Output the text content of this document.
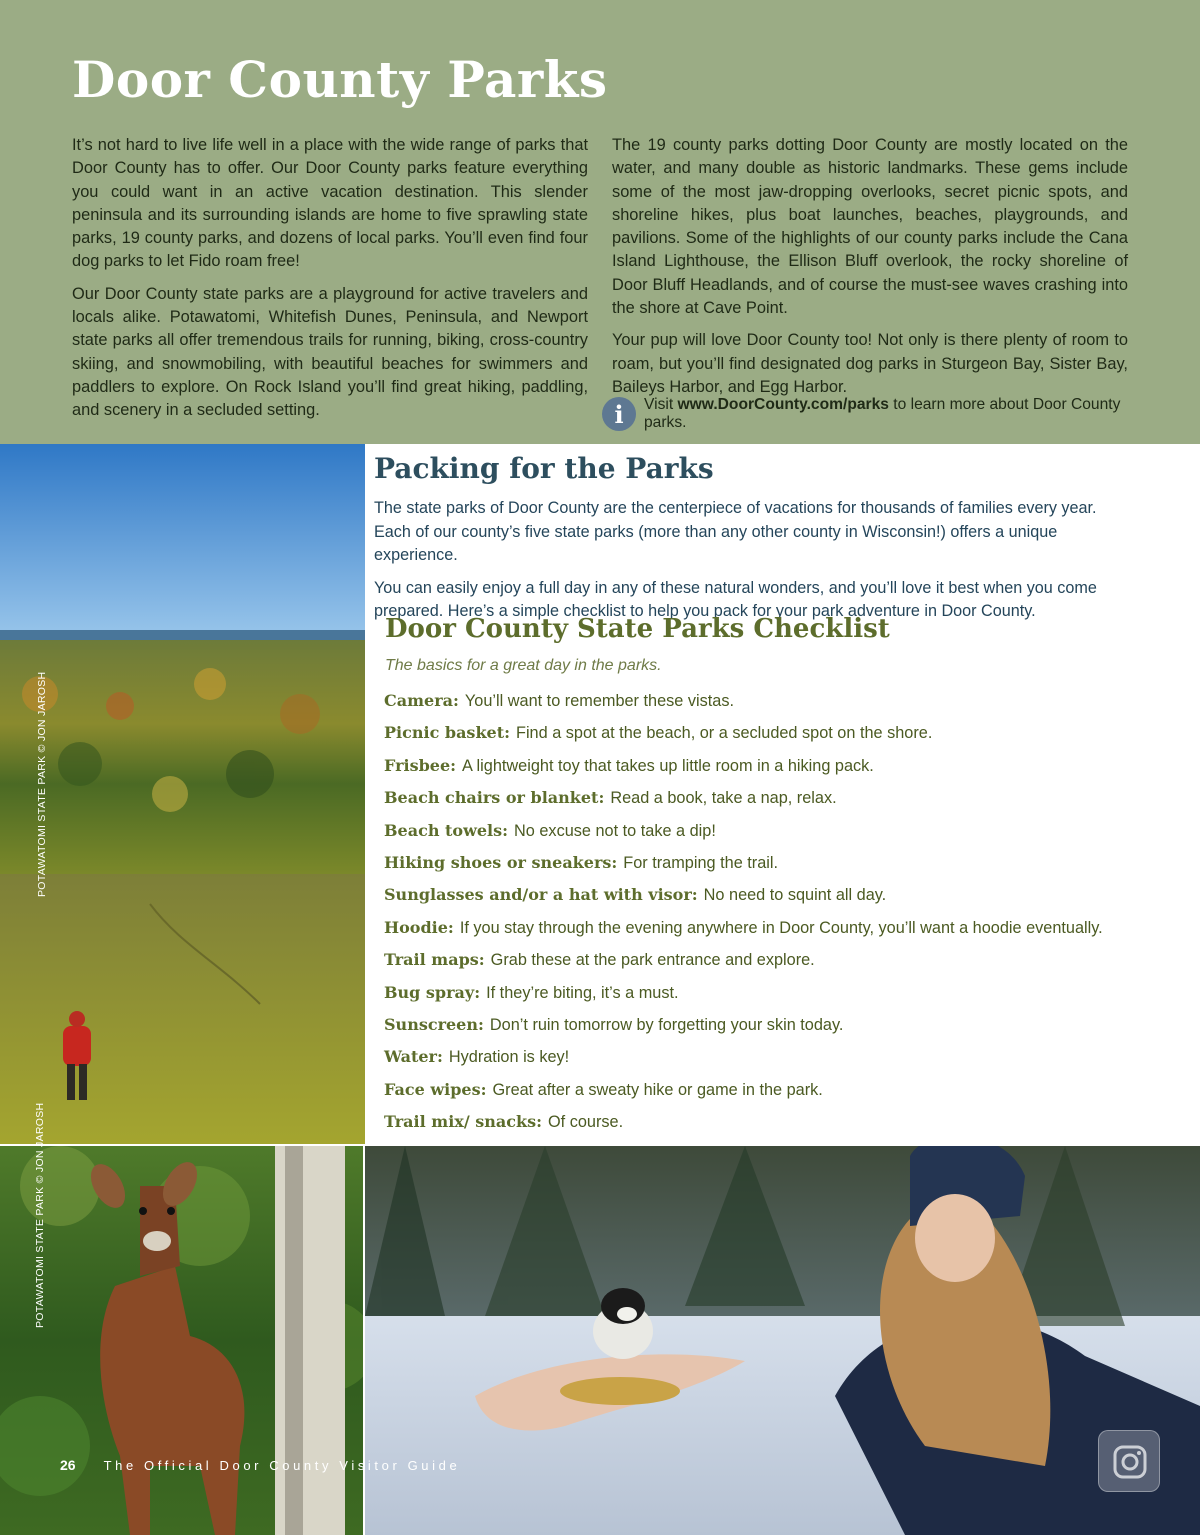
Door County Parks

It’s not hard to live life well in a place with the wide range of parks that Door County has to offer. Our Door County parks feature everything you could want in an active vacation destination. This slender peninsula and its surrounding islands are home to five sprawling state parks, 19 county parks, and dozens of local parks. You’ll even find four dog parks to let Fido roam free!

Our Door County state parks are a playground for active travelers and locals alike. Potawatomi, Whitefish Dunes, Peninsula, and Newport state parks all offer tremendous trails for running, biking, cross-country skiing, and snowmobiling, with beautiful beaches for swimmers and paddlers to explore. On Rock Island you’ll find great hiking, paddling, and scenery in a secluded setting.

The 19 county parks dotting Door County are mostly located on the water, and many double as historic landmarks. These gems include some of the most jaw-dropping overlooks, secret picnic spots, and shoreline hikes, plus boat launches, beaches, playgrounds, and pavilions. Some of the highlights of our county parks include the Cana Island Lighthouse, the Ellison Bluff overlook, the rocky shoreline of Door Bluff Headlands, and of course the must-see waves crashing into the shore at Cave Point.

Your pup will love Door County too! Not only is there plenty of room to roam, but you’ll find designated dog parks in Sturgeon Bay, Sister Bay, Baileys Harbor, and Egg Harbor.

i	Visit www.DoorCounty.com/parks to learn more about Door County parks.
POTAWATOMI STATE PARK © JON JAROSH
POTAWATOMI STATE PARK © JON JAROSH
Packing for the Parks

The state parks of Door County are the centerpiece of vacations for thousands of families every year. Each of our county’s five state parks (more than any other county in Wisconsin!) offers a unique experience.

You can easily enjoy a full day in any of these natural wonders, and you’ll love it best when you come prepared. Here’s a simple checklist to help you pack for your park adventure in Door County.

Door County State Parks Checklist
The basics for a great day in the parks.
Camera: You’ll want to remember these vistas.
Picnic basket: Find a spot at the beach, or a secluded spot on the shore.
Frisbee: A lightweight toy that takes up little room in a hiking pack.
Beach chairs or blanket: Read a book, take a nap, relax.
Beach towels: No excuse not to take a dip!
Hiking shoes or sneakers: For tramping the trail.
Sunglasses and/or a hat with visor: No need to squint all day.
Hoodie: If you stay through the evening anywhere in Door County, you’ll want a hoodie eventually.
Trail maps: Grab these at the park entrance and explore.
Bug spray: If they’re biting, it’s a must.
Sunscreen: Don’t ruin tomorrow by forgetting your skin today.
Water: Hydration is key!
Face wipes: Great after a sweaty hike or game in the park.
Trail mix/ snacks: Of course.
26 The Official Door County Visitor Guide
